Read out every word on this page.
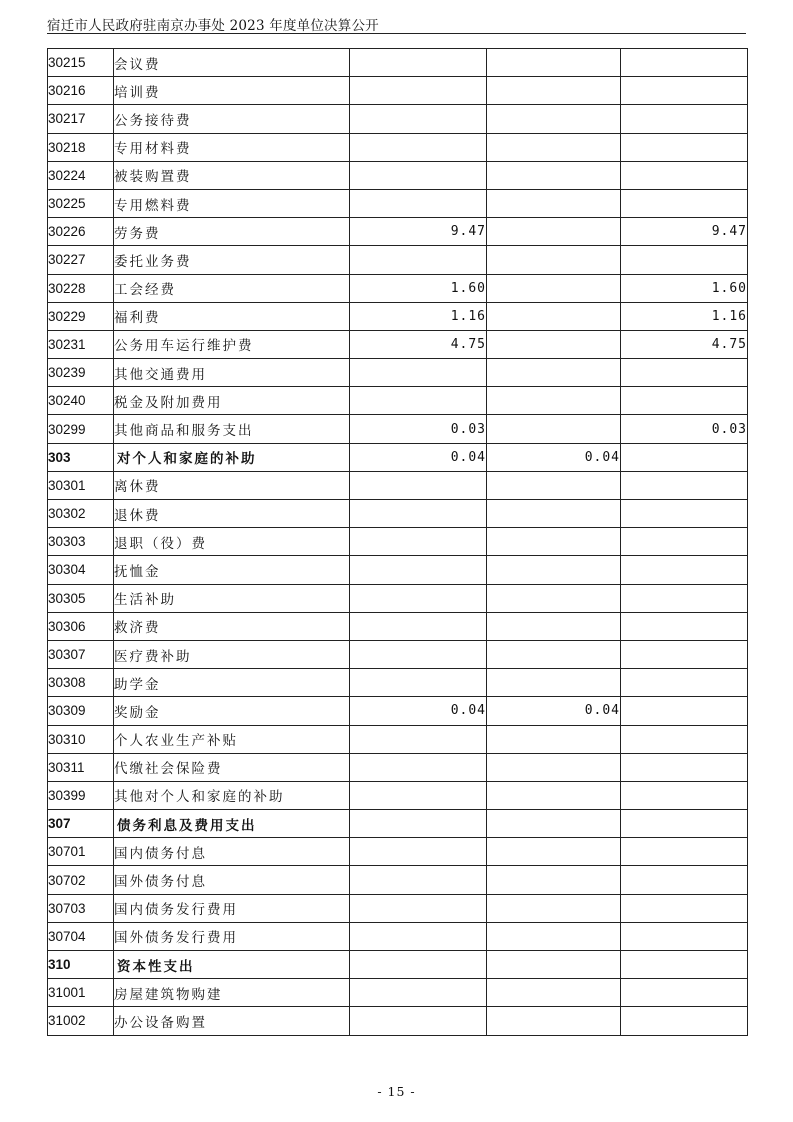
宿迁市人民政府驻南京办事处 2023 年度单位决算公开
30215	会议费			
30216	培训费			
30217	公务接待费			
30218	专用材料费			
30224	被装购置费			
30225	专用燃料费			
30226	劳务费	9.47		9.47
30227	委托业务费			
30228	工会经费	1.60		1.60
30229	福利费	1.16		1.16
30231	公务用车运行维护费	4.75		4.75
30239	其他交通费用			
30240	税金及附加费用			
30299	其他商品和服务支出	0.03		0.03
303	对个人和家庭的补助	0.04	0.04	
30301	离休费			
30302	退休费			
30303	退职（役）费			
30304	抚恤金			
30305	生活补助			
30306	救济费			
30307	医疗费补助			
30308	助学金			
30309	奖励金	0.04	0.04	
30310	个人农业生产补贴			
30311	代缴社会保险费			
30399	其他对个人和家庭的补助			
307	债务利息及费用支出			
30701	国内债务付息			
30702	国外债务付息			
30703	国内债务发行费用			
30704	国外债务发行费用			
310	资本性支出			
31001	房屋建筑物购建			
31002	办公设备购置			
- 15 -
